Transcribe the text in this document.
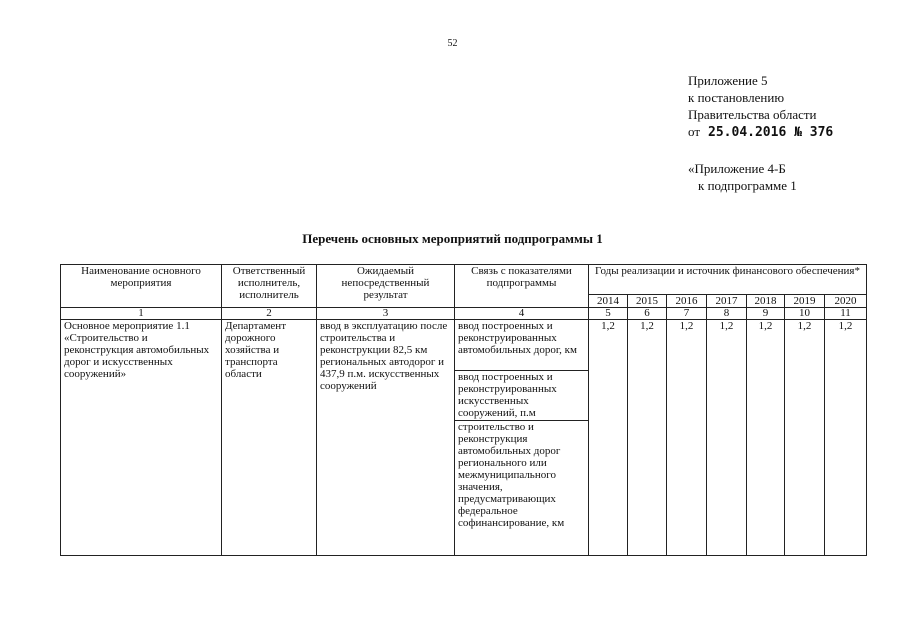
52
Приложение 5
к постановлению
Правительства области
от 25.04.2016 № 376
«Приложение 4-Б
к подпрограмме 1
Перечень основных мероприятий подпрограммы 1
Наименование основного мероприятия	Ответственный исполнитель, исполнитель	Ожидаемый непосредственный результат	Связь с показателями подпрограммы	Годы реализации и источник финансового обеспечения*						
				2014	2015	2016	2017	2018	2019	2020
1	2	3	4	5	6	7	8	9	10	11
Основное мероприятие 1.1 «Строительство и реконструкция автомобильных дорог и искусственных сооружений»	Департамент дорожного хозяйства и транспорта области	ввод в эксплуатацию после строительства и реконструкции 82,5 км региональных автодорог и 437,9 п.м. искусственных сооружений	ввод построенных и реконструированных автомобильных дорог, км	1,2	1,2	1,2	1,2	1,2	1,2	1,2
			ввод построенных и реконструированных искусственных сооружений, п.м							
			строительство и реконструкция автомобильных дорог регионального или межмуниципального значения, предусматривающих федеральное софинансирование, км							
